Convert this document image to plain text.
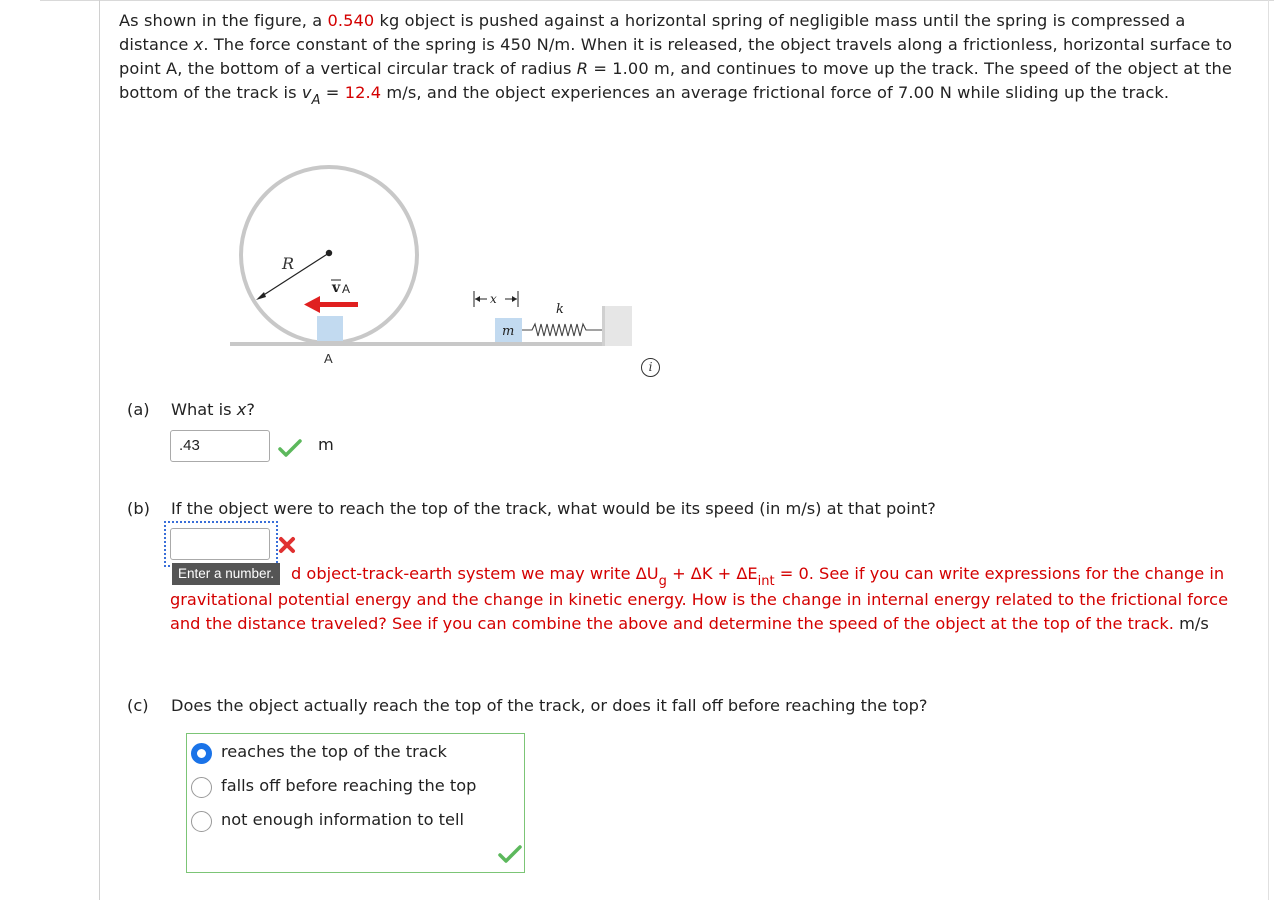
As shown in the figure, a 0.540 kg object is pushed against a horizontal spring of negligible mass until the spring is compressed a distance x. The force constant of the spring is 450 N/m. When it is released, the object travels along a frictionless, horizontal surface to point A, the bottom of a vertical circular track of radius R = 1.00 m, and continues to move up the track. The speed of the object at the bottom of the track is $v_A = 12.4$ m/s, and the object experiences an average frictional force of 7.00 N while sliding up the track.
R
v A
A
x
m
k
i
(a) What is x?
.43	m
(b) If the object were to reach the top of the track, what would be its speed (in m/s) at that point?
d object-track-earth system we may write $\Delta U_g + \Delta K + \Delta E_{int} = 0$. See if you can write expressions for the change in gravitational potential energy and the change in kinetic energy. How is the change in internal energy related to the frictional force and the distance traveled? See if you can combine the above and determine the speed of the object at the top of the track. m/s
Enter a number.
(c) Does the object actually reach the top of the track, or does it fall off before reaching the top?
reaches the top of the track
falls off before reaching the top
not enough information to tell
